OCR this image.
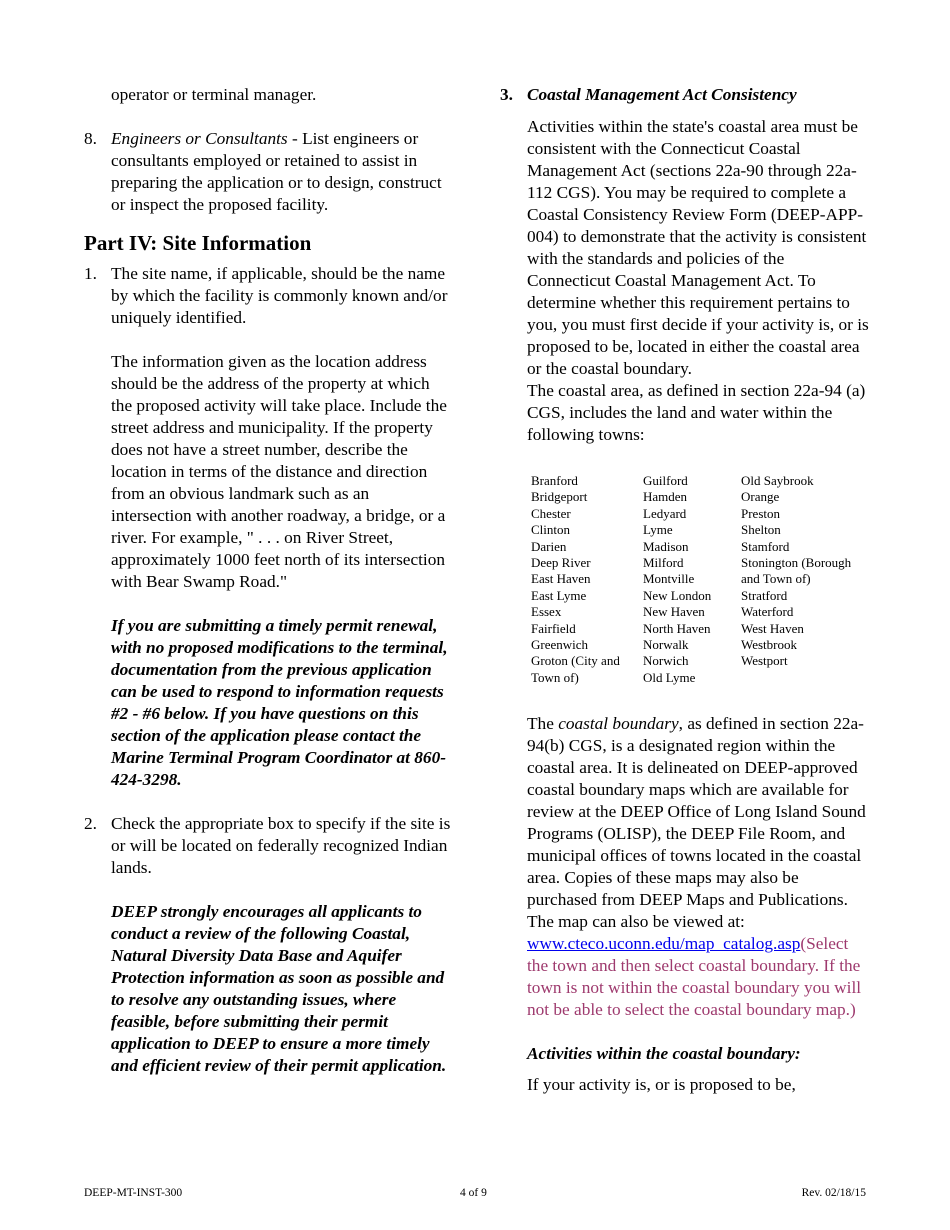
operator or terminal manager.

8. Engineers or Consultants - List engineers or consultants employed or retained to assist in preparing the application or to design, construct or inspect the proposed facility.

Part IV: Site Information
1. The site name, if applicable, should be the name by which the facility is commonly known and/or uniquely identified.

The information given as the location address should be the address of the property at which the proposed activity will take place. Include the street address and municipality. If the property does not have a street number, describe the location in terms of the distance and direction from an obvious landmark such as an intersection with another roadway, a bridge, or a river. For example, " . . . on River Street, approximately 1000 feet north of its intersection with Bear Swamp Road."

If you are submitting a timely permit renewal, with no proposed modifications to the terminal, documentation from the previous application can be used to respond to information requests #2 - #6 below. If you have questions on this section of the application please contact the Marine Terminal Program Coordinator at 860-424-3298.

2. Check the appropriate box to specify if the site is or will be located on federally recognized Indian lands.

DEEP strongly encourages all applicants to conduct a review of the following Coastal, Natural Diversity Data Base and Aquifer Protection information as soon as possible and to resolve any outstanding issues, where feasible, before submitting their permit application to DEEP to ensure a more timely and efficient review of their permit application.

3. Coastal Management Act Consistency

Activities within the state's coastal area must be consistent with the Connecticut Coastal Management Act (sections 22a-90 through 22a-112 CGS). You may be required to complete a Coastal Consistency Review Form (DEEP-APP-004) to demonstrate that the activity is consistent with the standards and policies of the Connecticut Coastal Management Act. To determine whether this requirement pertains to you, you must first decide if your activity is, or is proposed to be, located in either the coastal area or the coastal boundary.

The coastal area, as defined in section 22a-94 (a) CGS, includes the land and water within the following towns:

Branford
Bridgeport
Chester
Clinton
Darien
Deep River
East Haven
East Lyme
Essex
Fairfield
Greenwich
Groton (City and
Town of)
Guilford
Hamden
Ledyard
Lyme
Madison
Milford
Montville
New London
New Haven
North Haven
Norwalk
Norwich
Old Lyme
Old Saybrook
Orange
Preston
Shelton
Stamford
Stonington (Borough
and Town of)
Stratford
Waterford
West Haven
Westbrook
Westport

The coastal boundary, as defined in section 22a-94(b) CGS, is a designated region within the coastal area. It is delineated on DEEP-approved coastal boundary maps which are available for review at the DEEP Office of Long Island Sound Programs (OLISP), the DEEP File Room, and municipal offices of towns located in the coastal area. Copies of these maps may also be purchased from DEEP Maps and Publications. The map can also be viewed at: www.cteco.uconn.edu/map_catalog.asp(Select the town and then select coastal boundary. If the town is not within the coastal boundary you will not be able to select the coastal boundary map.)

Activities within the coastal boundary:

If your activity is, or is proposed to be,

DEEP-MT-INST-300	4 of 9	Rev. 02/18/15
